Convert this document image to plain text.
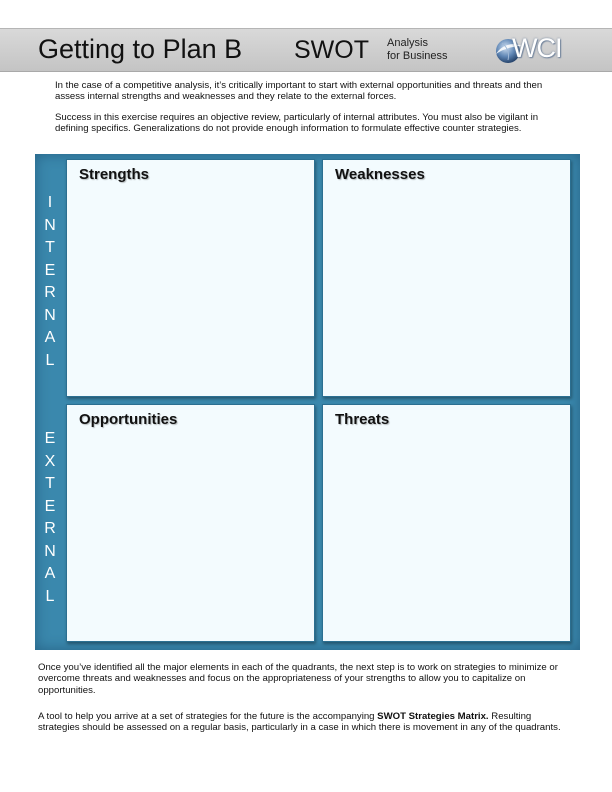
Getting to Plan B SWOT Analysis
for Business WCI
In the case of a competitive analysis, it’s critically important to start with external opportunities and threats and then assess internal strengths and weaknesses and they relate to the external forces.
Success in this exercise requires an objective review, particularly of internal attributes. You must also be vigilant in defining specifics. Generalizations do not provide enough information to formulate effective counter strategies.
I
N
T
E
R
N
A
L
E
X
T
E
R
N
A
L
Strengths	Weaknesses
Opportunities	Threats
Once you’ve identified all the major elements in each of the quadrants, the next step is to work on strategies to minimize or overcome threats and weaknesses and focus on the appropriateness of your strengths to allow you to capitalize on opportunities.
A tool to help you arrive at a set of strategies for the future is the accompanying SWOT Strategies Matrix. Resulting strategies should be assessed on a regular basis, particularly in a case in which there is movement in any of the quadrants.
